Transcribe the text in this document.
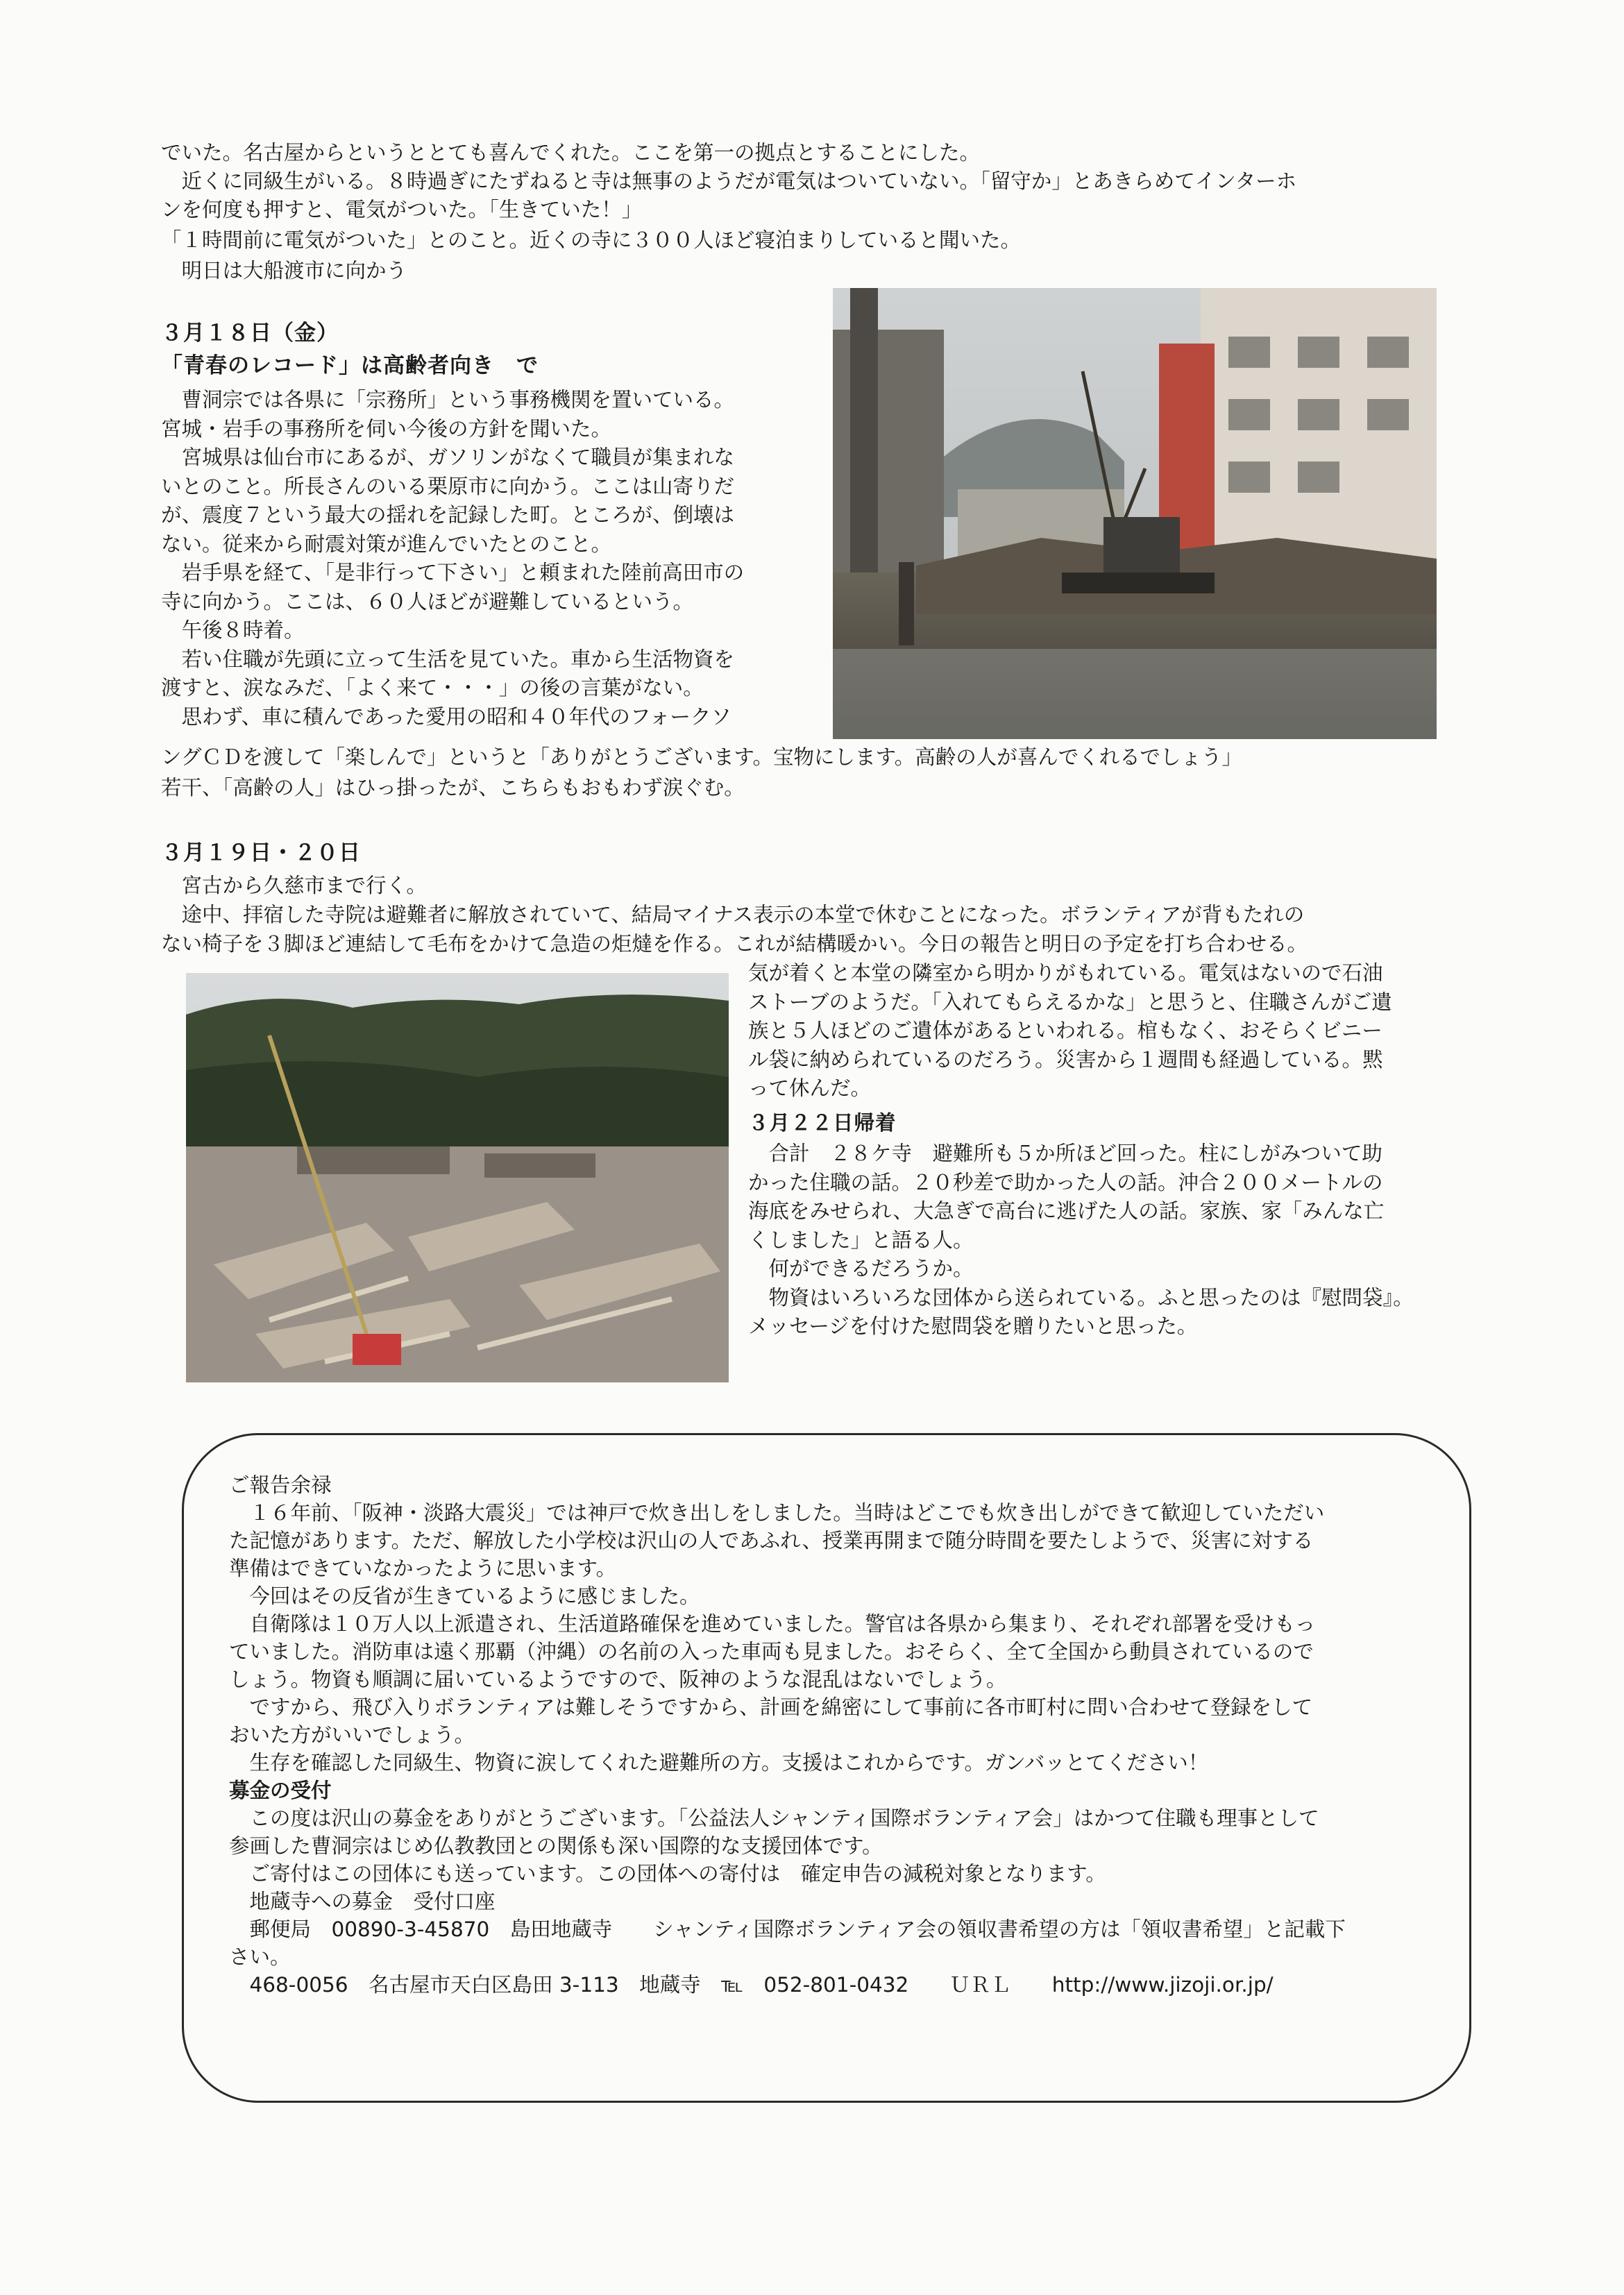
でいた。名古屋からというととても喜んでくれた。ここを第一の拠点とすることにした。
　近くに同級生がいる。８時過ぎにたずねると寺は無事のようだが電気はついていない。「留守か」とあきらめてインターホ
ンを何度も押すと、電気がついた。「生きていた！」
「１時間前に電気がついた」とのこと。近くの寺に３００人ほど寝泊まりしていると聞いた。
　明日は大船渡市に向かう
３月１８日（金）
「青春のレコード」は高齢者向き　で
　曹洞宗では各県に「宗務所」という事務機関を置いている。
宮城・岩手の事務所を伺い今後の方針を聞いた。
　宮城県は仙台市にあるが、ガソリンがなくて職員が集まれな
いとのこと。所長さんのいる栗原市に向かう。ここは山寄りだ
が、震度７という最大の揺れを記録した町。ところが、倒壊は
ない。従来から耐震対策が進んでいたとのこと。
　岩手県を経て、「是非行って下さい」と頼まれた陸前高田市の
寺に向かう。ここは、６０人ほどが避難しているという。
　午後８時着。
　若い住職が先頭に立って生活を見ていた。車から生活物資を
渡すと、涙なみだ、「よく来て・・・」の後の言葉がない。
　思わず、車に積んであった愛用の昭和４０年代のフォークソ
ングＣＤを渡して「楽しんで」というと「ありがとうございます。宝物にします。高齢の人が喜んでくれるでしょう」
若干、「高齢の人」はひっ掛ったが、こちらもおもわず涙ぐむ。
３月１９日・２０日
　宮古から久慈市まで行く。
　途中、拝宿した寺院は避難者に解放されていて、結局マイナス表示の本堂で休むことになった。ボランティアが背もたれの
ない椅子を３脚ほど連結して毛布をかけて急造の炬燵を作る。これが結構暖かい。今日の報告と明日の予定を打ち合わせる。
気が着くと本堂の隣室から明かりがもれている。電気はないので石油
ストーブのようだ。「入れてもらえるかな」と思うと、住職さんがご遺
族と５人ほどのご遺体があるといわれる。棺もなく、おそらくビニー
ル袋に納められているのだろう。災害から１週間も経過している。黙
って休んだ。
３月２２日帰着
　合計　２８ケ寺　避難所も５か所ほど回った。柱にしがみついて助
かった住職の話。２０秒差で助かった人の話。沖合２００メートルの
海底をみせられ、大急ぎで高台に逃げた人の話。家族、家「みんな亡
くしました」と語る人。
　何ができるだろうか。
　物資はいろいろな団体から送られている。ふと思ったのは『慰問袋』。
メッセージを付けた慰問袋を贈りたいと思った。
ご報告余禄
　１６年前、「阪神・淡路大震災」では神戸で炊き出しをしました。当時はどこでも炊き出しができて歓迎していただい
た記憶があります。ただ、解放した小学校は沢山の人であふれ、授業再開まで随分時間を要たしようで、災害に対する
準備はできていなかったように思います。
　今回はその反省が生きているように感じました。
　自衛隊は１０万人以上派遣され、生活道路確保を進めていました。警官は各県から集まり、それぞれ部署を受けもっ
ていました。消防車は遠く那覇（沖縄）の名前の入った車両も見ました。おそらく、全て全国から動員されているので
しょう。物資も順調に届いているようですので、阪神のような混乱はないでしょう。
　ですから、飛び入りボランティアは難しそうですから、計画を綿密にして事前に各市町村に問い合わせて登録をして
おいた方がいいでしょう。
　生存を確認した同級生、物資に涙してくれた避難所の方。支援はこれからです。ガンバッとてください！
募金の受付
　この度は沢山の募金をありがとうございます。「公益法人シャンティ国際ボランティア会」はかつて住職も理事として
参画した曹洞宗はじめ仏教教団との関係も深い国際的な支援団体です。
　ご寄付はこの団体にも送っています。この団体への寄付は　確定申告の減税対象となります。
　地蔵寺への募金　受付口座
　郵便局　00890-3-45870　島田地蔵寺　　シャンティ国際ボランティア会の領収書希望の方は「領収書希望」と記載下
さい。
　468-0056　名古屋市天白区島田 3-113　地蔵寺　℡　052-801-0432　　ＵＲＬ　　http://www.jizoji.or.jp/
